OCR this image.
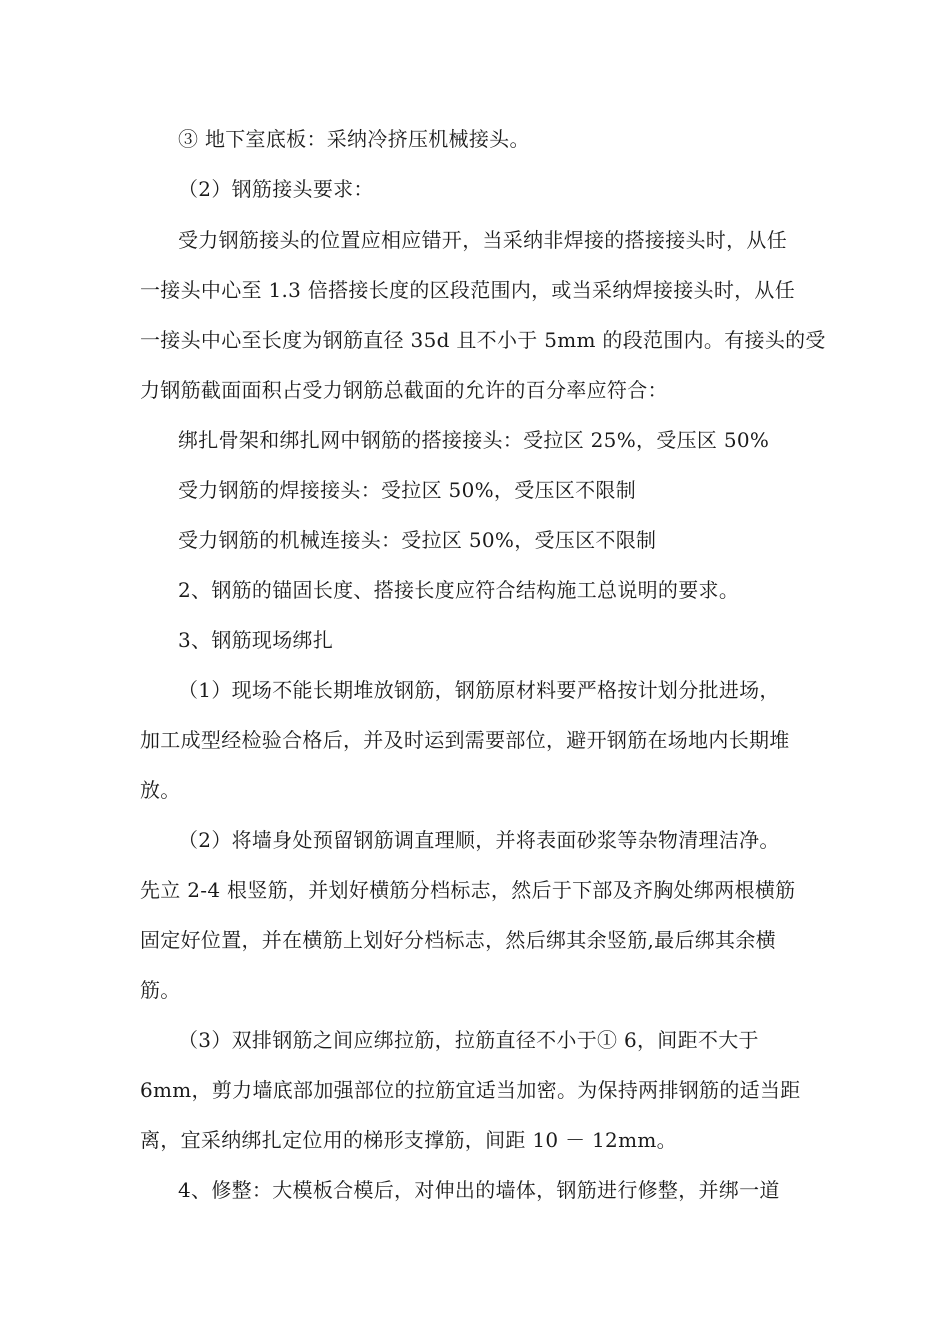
③ 地下室底板：采纳冷挤压机械接头。
（2）钢筋接头要求：
受力钢筋接头的位置应相应错开，当采纳非焊接的搭接接头时，从任
一接头中心至 1.3 倍搭接长度的区段范围内，或当采纳焊接接头时，从任
一接头中心至长度为钢筋直径 35d 且不小于 5mm 的段范围内。有接头的受
力钢筋截面面积占受力钢筋总截面的允许的百分率应符合：
绑扎骨架和绑扎网中钢筋的搭接接头：受拉区 25%，受压区 50%
受力钢筋的焊接接头：受拉区 50%，受压区不限制
受力钢筋的机械连接头：受拉区 50%，受压区不限制
2、钢筋的锚固长度、搭接长度应符合结构施工总说明的要求。
3、钢筋现场绑扎
（1）现场不能长期堆放钢筋，钢筋原材料要严格按计划分批进场，
加工成型经检验合格后，并及时运到需要部位，避开钢筋在场地内长期堆
放。
（2）将墙身处预留钢筋调直理顺，并将表面砂浆等杂物清理洁净。
先立 2-4 根竖筋，并划好横筋分档标志，然后于下部及齐胸处绑两根横筋
固定好位置，并在横筋上划好分档标志，然后绑其余竖筋,最后绑其余横
筋。
（3）双排钢筋之间应绑拉筋，拉筋直径不小于① 6，间距不大于
6mm，剪力墙底部加强部位的拉筋宜适当加密。为保持两排钢筋的适当距
离，宜采纳绑扎定位用的梯形支撑筋，间距 10 － 12mm。
4、修整：大模板合模后，对伸出的墙体，钢筋进行修整，并绑一道
